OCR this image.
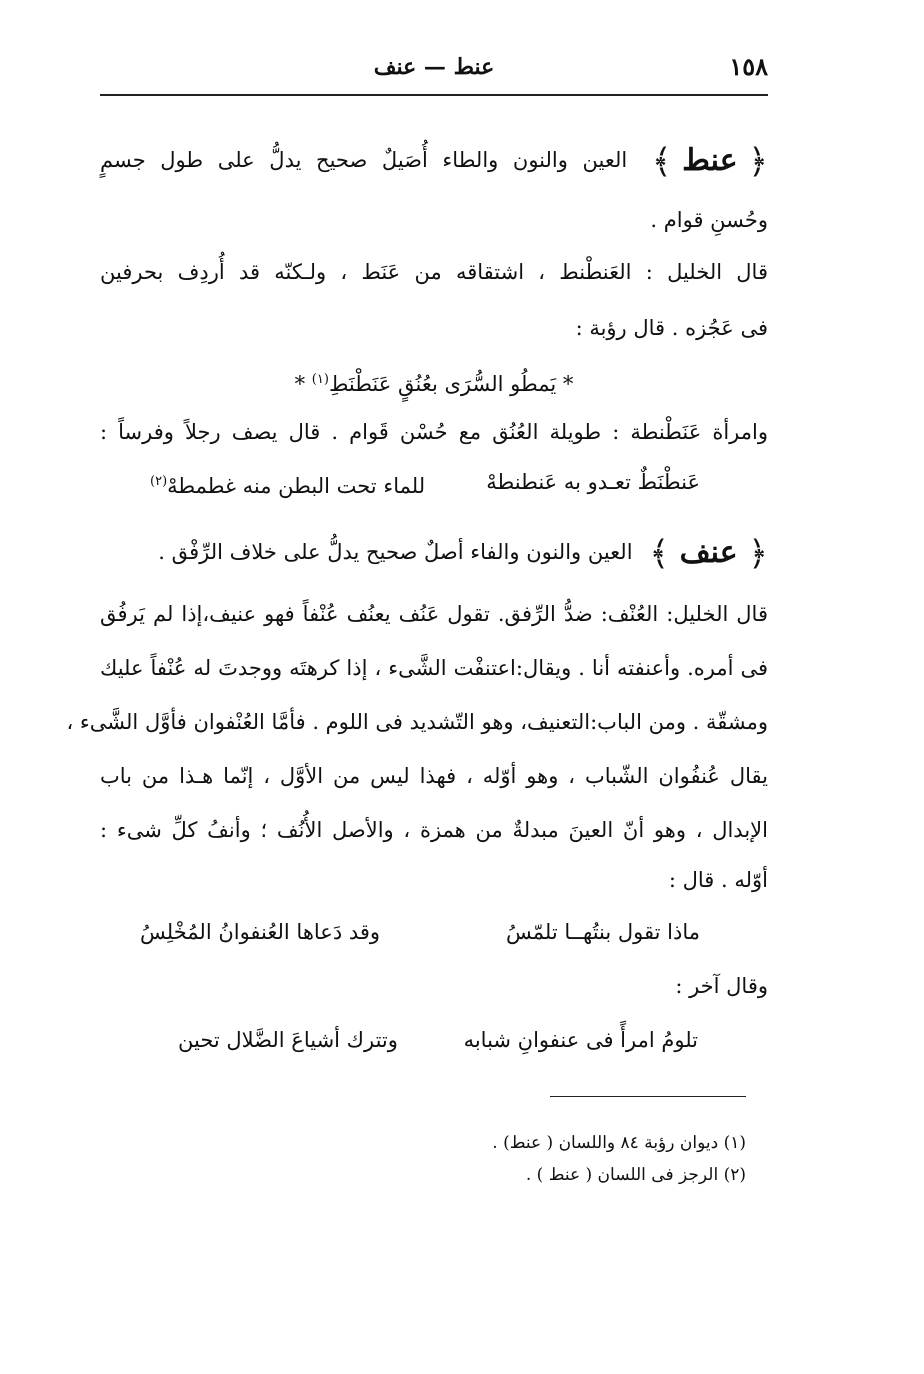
١٥٨
عنط — عنف
﴿ عنط ﴾ العين والنون والطاء أُصَيلٌ صحيح يدلُّ على طول جسمٍ
وحُسنِ قوام .
قال الخليل : العَنطْنط ، اشتقاقه من عَنَط ، ولـكنّه قد أُردِف بحرفين
فى عَجُزه . قال رؤبة :
* يَمطُو السُّرَى بعُنُقٍ عَنَطْنَطِ$^{(١)}$ *
وامرأة عَنَطْنطة : طويلة العُنُق مع حُسْن قَوام . قال يصف رجلاً وفرساً :
عَنطْنَطٌ تعـدو به عَنطنطهْ
للماء تحت البطن منه غطمطهْ$^{(٢)}$
﴿ عنف ﴾ العين والنون والفاء أصلٌ صحيح يدلُّ على خلاف الرِّفْق .
قال الخليل: العُنْف: ضدُّ الرِّفق. تقول عَنُف يعنُف عُنْفاً فهو عنيف،إذا لم يَرفُق
فى أمره. وأعنفته أنا . ويقال:اعتنفْت الشَّىء ، إذا كرهتَه ووجدتَ له عُنْفاً عليك
ومشقّة . ومن الباب:التعنيف، وهو التّشديد فى اللوم . فأمَّا العُنْفوان فأوَّل الشَّىء ،
يقال عُنفُوان الشّباب ، وهو أوّله ، فهذا ليس من الأوَّل ، إنّما هـذا من باب
الإبدال ، وهو أنّ العينَ مبدلةٌ من همزة ، والأصل الأُنُف ؛ وأنفُ كلِّ شىء :
أوّله . قال :
ماذا تقول بنتُهــا تلمّسُ
وقد دَعاها العُنفوانُ المُخْلِسُ
وقال آخر :
تلومُ امرأً فى عنفوانِ شبابه
وتترك أشياعَ الضَّلال تحين
(١) ديوان رؤبة ٨٤ واللسان ( عنط) .
(٢) الرجز فى اللسان ( عنط ) .
